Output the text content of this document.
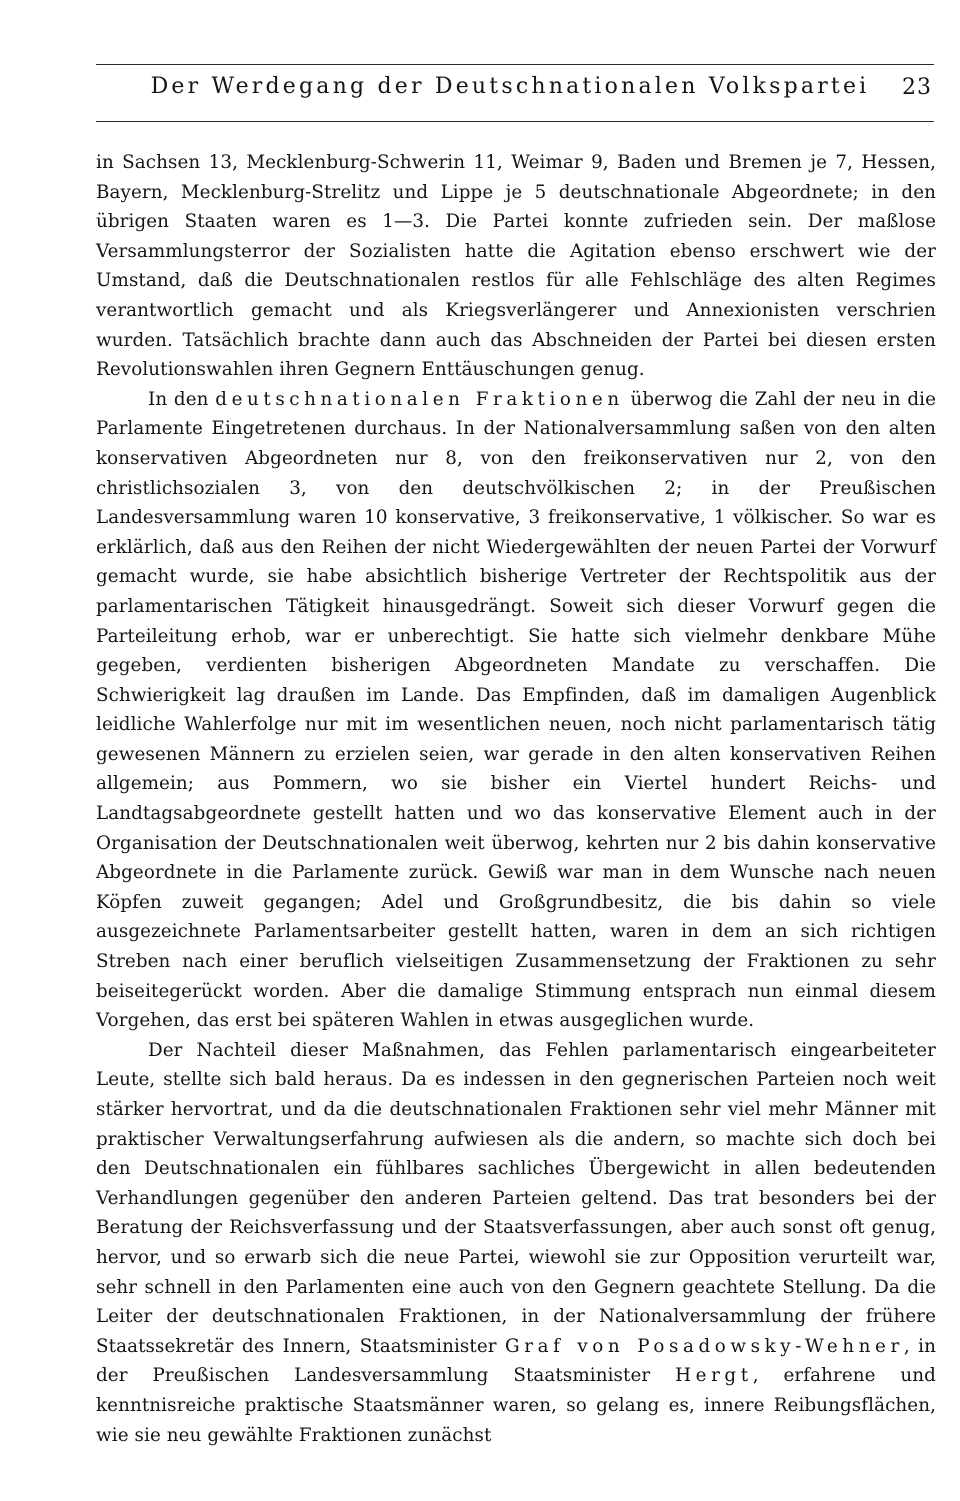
Der Werdegang der Deutschnationalen Volkspartei 23

in Sachsen 13, Mecklenburg-Schwerin 11, Weimar 9, Baden und Bremen je 7, Hessen, Bayern, Mecklenburg-Strelitz und Lippe je 5 deutschnationale Abgeordnete; in den übrigen Staaten waren es 1—3. Die Partei konnte zufrieden sein. Der maßlose Versammlungsterror der Sozialisten hatte die Agitation ebenso erschwert wie der Umstand, daß die Deutschnationalen restlos für alle Fehlschläge des alten Regimes verantwortlich gemacht und als Kriegsverlängerer und Annexionisten verschrien wurden. Tatsächlich brachte dann auch das Abschneiden der Partei bei diesen ersten Revolutionswahlen ihren Gegnern Enttäuschungen genug.

In den deutschnationalen Fraktionen überwog die Zahl der neu in die Parlamente Eingetretenen durchaus. In der Nationalversammlung saßen von den alten konservativen Abgeordneten nur 8, von den freikonservativen nur 2, von den christlichsozialen 3, von den deutschvölkischen 2; in der Preußischen Landesversammlung waren 10 konservative, 3 freikonservative, 1 völkischer. So war es erklärlich, daß aus den Reihen der nicht Wiedergewählten der neuen Partei der Vorwurf gemacht wurde, sie habe absichtlich bisherige Vertreter der Rechtspolitik aus der parlamentarischen Tätigkeit hinausgedrängt. Soweit sich dieser Vorwurf gegen die Parteileitung erhob, war er unberechtigt. Sie hatte sich vielmehr denkbare Mühe gegeben, verdienten bisherigen Abgeordneten Mandate zu verschaffen. Die Schwierigkeit lag draußen im Lande. Das Empfinden, daß im damaligen Augenblick leidliche Wahlerfolge nur mit im wesentlichen neuen, noch nicht parlamentarisch tätig gewesenen Männern zu erzielen seien, war gerade in den alten konservativen Reihen allgemein; aus Pommern, wo sie bisher ein Viertel hundert Reichs- und Landtagsabgeordnete gestellt hatten und wo das konservative Element auch in der Organisation der Deutschnationalen weit überwog, kehrten nur 2 bis dahin konservative Abgeordnete in die Parlamente zurück. Gewiß war man in dem Wunsche nach neuen Köpfen zuweit gegangen; Adel und Großgrundbesitz, die bis dahin so viele ausgezeichnete Parlamentsarbeiter gestellt hatten, waren in dem an sich richtigen Streben nach einer beruflich vielseitigen Zusammensetzung der Fraktionen zu sehr beiseitegerückt worden. Aber die damalige Stimmung entsprach nun einmal diesem Vorgehen, das erst bei späteren Wahlen in etwas ausgeglichen wurde.

Der Nachteil dieser Maßnahmen, das Fehlen parlamentarisch eingearbeiteter Leute, stellte sich bald heraus. Da es indessen in den gegnerischen Parteien noch weit stärker hervortrat, und da die deutschnationalen Fraktionen sehr viel mehr Männer mit praktischer Verwaltungserfahrung aufwiesen als die andern, so machte sich doch bei den Deutschnationalen ein fühlbares sachliches Übergewicht in allen bedeutenden Verhandlungen gegenüber den anderen Parteien geltend. Das trat besonders bei der Beratung der Reichsverfassung und der Staatsverfassungen, aber auch sonst oft genug, hervor, und so erwarb sich die neue Partei, wiewohl sie zur Opposition verurteilt war, sehr schnell in den Parlamenten eine auch von den Gegnern geachtete Stellung. Da die Leiter der deutschnationalen Fraktionen, in der Nationalversammlung der frühere Staatssekretär des Innern, Staatsminister Graf von Posadowsky-Wehner, in der Preußischen Landesversammlung Staatsminister Hergt, erfahrene und kenntnisreiche praktische Staatsmänner waren, so gelang es, innere Reibungsflächen, wie sie neu gewählte Fraktionen zunächst
